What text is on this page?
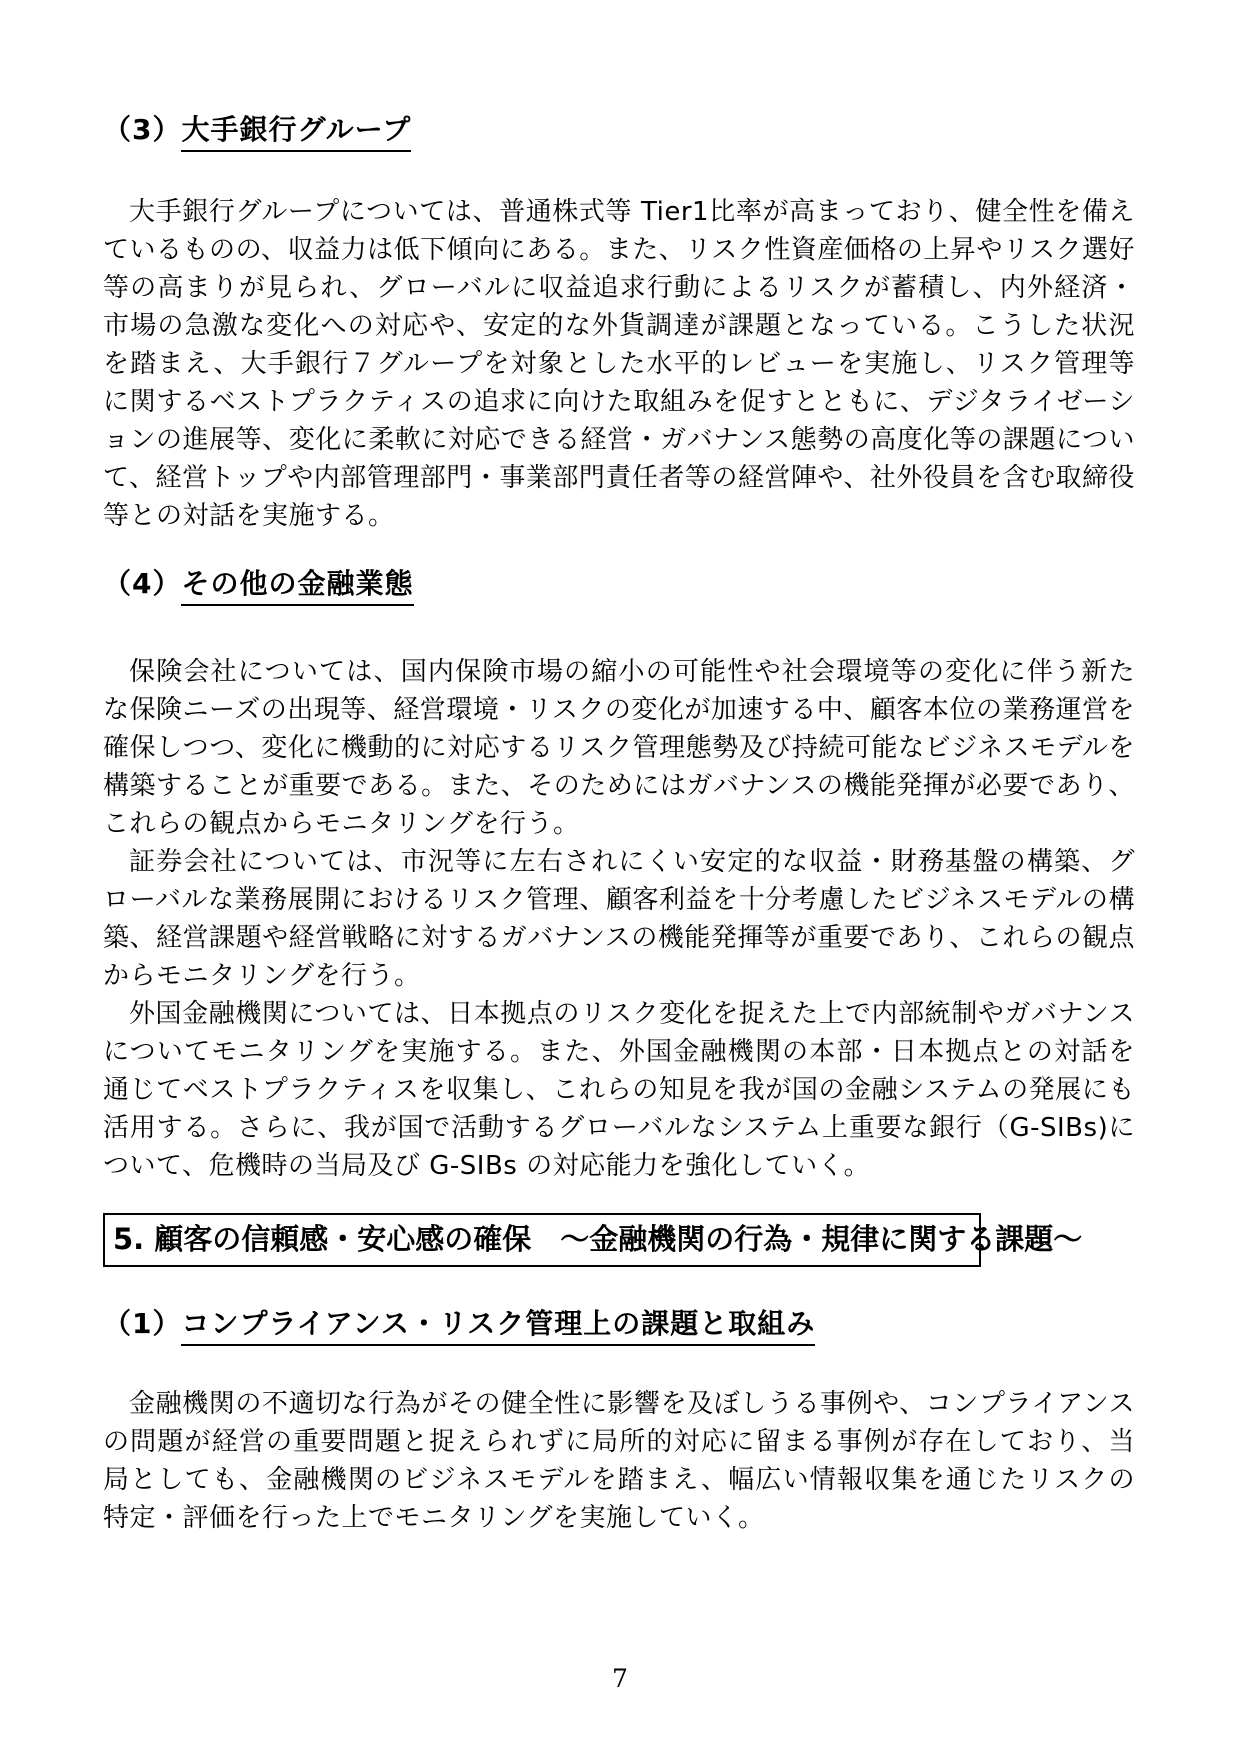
（3）大手銀行グループ

大手銀行グループについては、普通株式等 Tier1比率が高まっており、健全性を備えているものの、収益力は低下傾向にある。また、リスク性資産価格の上昇やリスク選好等の高まりが見られ、グローバルに収益追求行動によるリスクが蓄積し、内外経済・市場の急激な変化への対応や、安定的な外貨調達が課題となっている。こうした状況を踏まえ、大手銀行７グループを対象とした水平的レビューを実施し、リスク管理等に関するベストプラクティスの追求に向けた取組みを促すとともに、デジタライゼーションの進展等、変化に柔軟に対応できる経営・ガバナンス態勢の高度化等の課題について、経営トップや内部管理部門・事業部門責任者等の経営陣や、社外役員を含む取締役等との対話を実施する。

（4）その他の金融業態

保険会社については、国内保険市場の縮小の可能性や社会環境等の変化に伴う新たな保険ニーズの出現等、経営環境・リスクの変化が加速する中、顧客本位の業務運営を確保しつつ、変化に機動的に対応するリスク管理態勢及び持続可能なビジネスモデルを構築することが重要である。また、そのためにはガバナンスの機能発揮が必要であり、これらの観点からモニタリングを行う。

証券会社については、市況等に左右されにくい安定的な収益・財務基盤の構築、グローバルな業務展開におけるリスク管理、顧客利益を十分考慮したビジネスモデルの構築、経営課題や経営戦略に対するガバナンスの機能発揮等が重要であり、これらの観点からモニタリングを行う。

外国金融機関については、日本拠点のリスク変化を捉えた上で内部統制やガバナンスについてモニタリングを実施する。また、外国金融機関の本部・日本拠点との対話を通じてベストプラクティスを収集し、これらの知見を我が国の金融システムの発展にも活用する。さらに、我が国で活動するグローバルなシステム上重要な銀行（G-SIBs)について、危機時の当局及び G-SIBs の対応能力を強化していく。

5. 顧客の信頼感・安心感の確保　～金融機関の行為・規律に関する課題～
（1）コンプライアンス・リスク管理上の課題と取組み

金融機関の不適切な行為がその健全性に影響を及ぼしうる事例や、コンプライアンスの問題が経営の重要問題と捉えられずに局所的対応に留まる事例が存在しており、当局としても、金融機関のビジネスモデルを踏まえ、幅広い情報収集を通じたリスクの特定・評価を行った上でモニタリングを実施していく。

7
